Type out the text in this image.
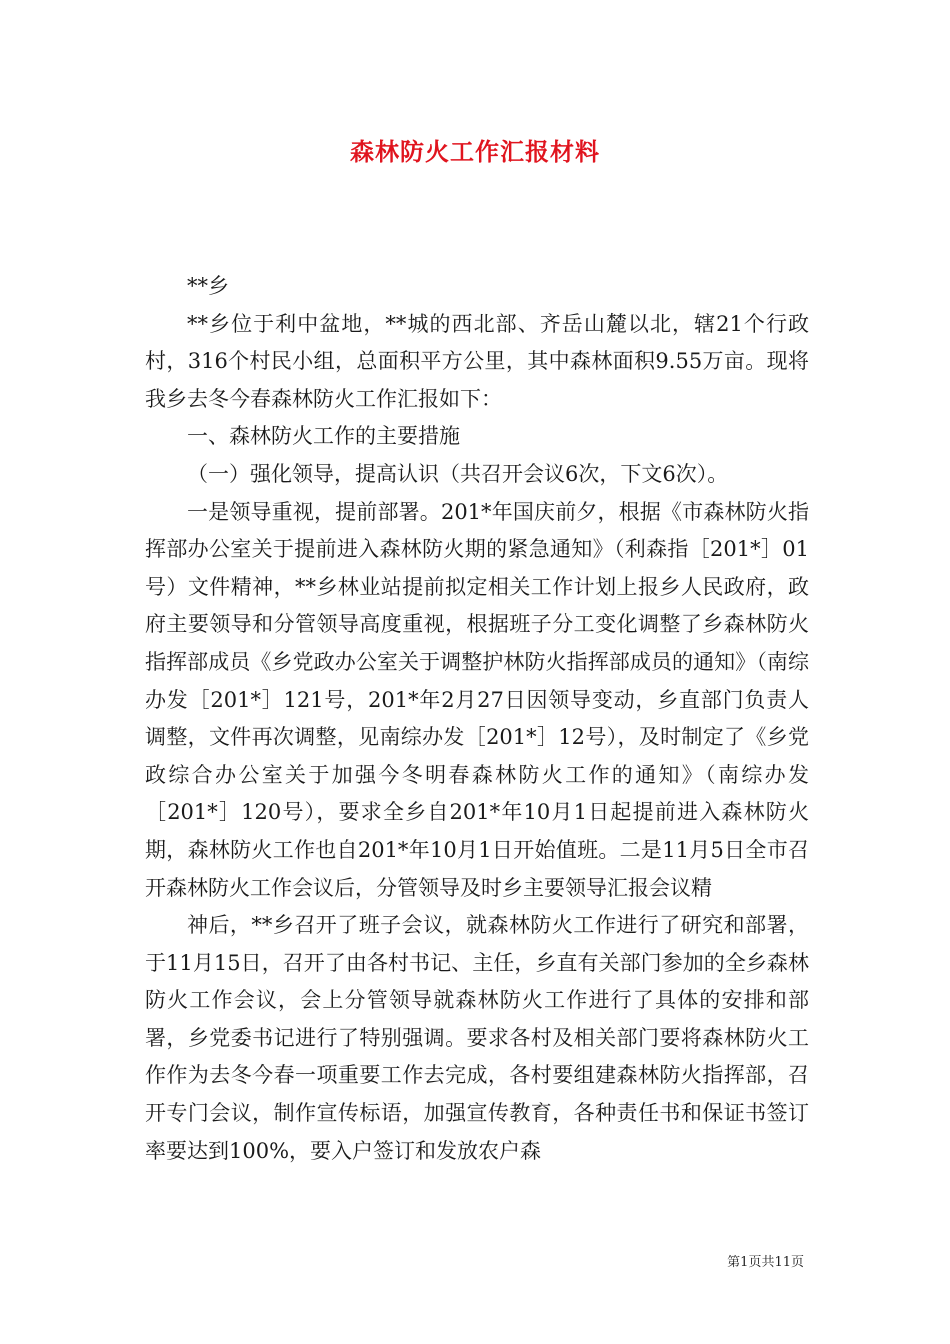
森林防火工作汇报材料

**乡

**乡位于利中盆地，**城的西北部、齐岳山麓以北，辖21个行政村，316个村民小组，总面积平方公里，其中森林面积9.55万亩。现将我乡去冬今春森林防火工作汇报如下：

一、森林防火工作的主要措施

（一）强化领导，提高认识（共召开会议6次，下文6次）。

一是领导重视，提前部署。201*年国庆前夕，根据《市森林防火指挥部办公室关于提前进入森林防火期的紧急通知》（利森指［201*］01号）文件精神，**乡林业站提前拟定相关工作计划上报乡人民政府，政府主要领导和分管领导高度重视，根据班子分工变化调整了乡森林防火指挥部成员《乡党政办公室关于调整护林防火指挥部成员的通知》（南综办发［201*］121号，201*年2月27日因领导变动，乡直部门负责人调整，文件再次调整，见南综办发［201*］12号），及时制定了《乡党政综合办公室关于加强今冬明春森林防火工作的通知》（南综办发［201*］120号），要求全乡自201*年10月1日起提前进入森林防火期，森林防火工作也自201*年10月1日开始值班。二是11月5日全市召开森林防火工作会议后，分管领导及时乡主要领导汇报会议精

神后，**乡召开了班子会议，就森林防火工作进行了研究和部署，于11月15日，召开了由各村书记、主任，乡直有关部门参加的全乡森林防火工作会议，会上分管领导就森林防火工作进行了具体的安排和部署，乡党委书记进行了特别强调。要求各村及相关部门要将森林防火工作作为去冬今春一项重要工作去完成，各村要组建森林防火指挥部，召开专门会议，制作宣传标语，加强宣传教育，各种责任书和保证书签订率要达到100%，要入户签订和发放农户森

第1页共11页
